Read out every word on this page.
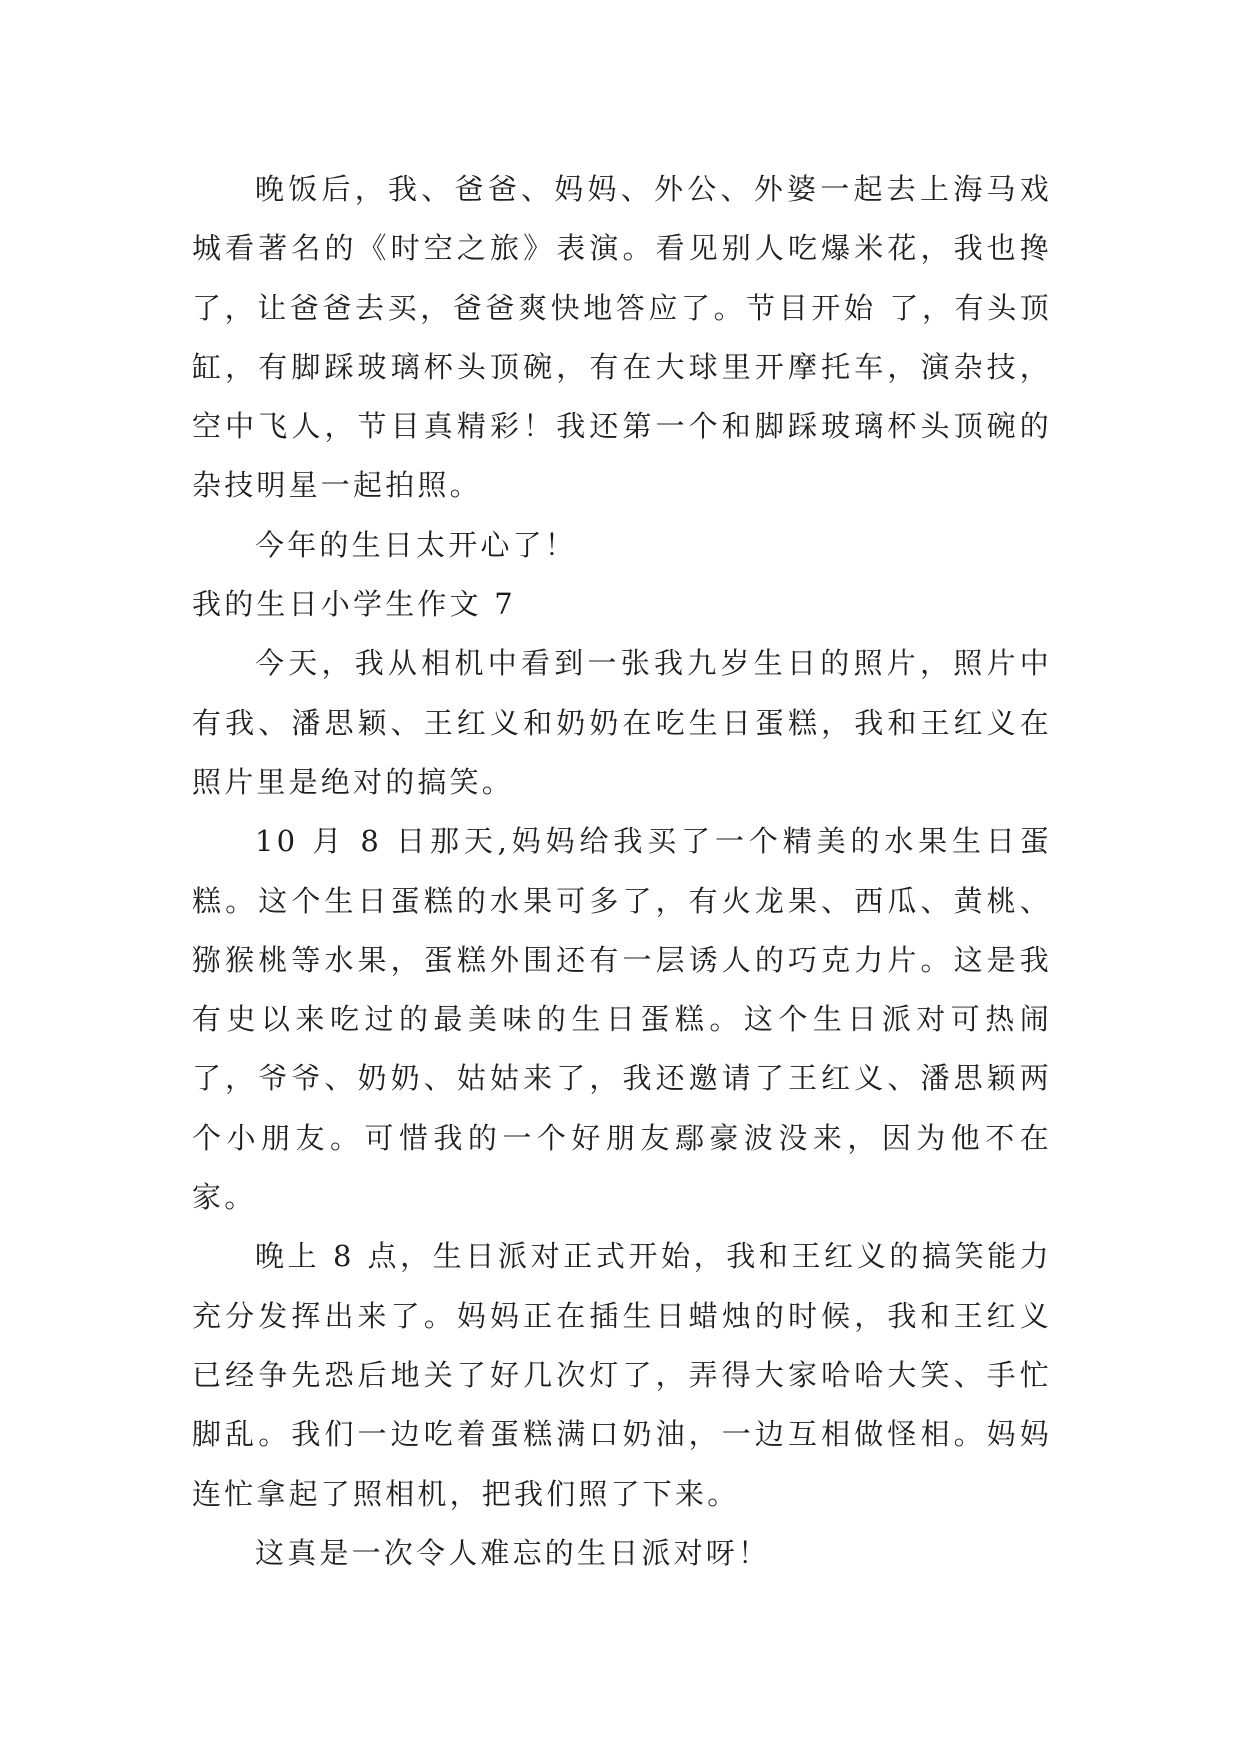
晚饭后，我、爸爸、妈妈、外公、外婆一起去上海马戏城看著名的《时空之旅》表演。看见别人吃爆米花，我也搀了，让爸爸去买，爸爸爽快地答应了。节目开始 了，有头顶缸，有脚踩玻璃杯头顶碗，有在大球里开摩托车，演杂技，空中飞人，节目真精彩！我还第一个和脚踩玻璃杯头顶碗的杂技明星一起拍照。

今年的生日太开心了！

我的生日小学生作文 7

今天，我从相机中看到一张我九岁生日的照片，照片中有我、潘思颖、王红义和奶奶在吃生日蛋糕，我和王红义在照片里是绝对的搞笑。

10 月 8 日那天,妈妈给我买了一个精美的水果生日蛋糕。这个生日蛋糕的水果可多了，有火龙果、西瓜、黄桃、猕猴桃等水果，蛋糕外围还有一层诱人的巧克力片。这是我有史以来吃过的最美味的生日蛋糕。这个生日派对可热闹了，爷爷、奶奶、姑姑来了，我还邀请了王红义、潘思颖两个小朋友。可惜我的一个好朋友鄢豪波没来，因为他不在家。

晚上 8 点，生日派对正式开始，我和王红义的搞笑能力充分发挥出来了。妈妈正在插生日蜡烛的时候，我和王红义已经争先恐后地关了好几次灯了，弄得大家哈哈大笑、手忙脚乱。我们一边吃着蛋糕满口奶油，一边互相做怪相。妈妈连忙拿起了照相机，把我们照了下来。

这真是一次令人难忘的生日派对呀！
